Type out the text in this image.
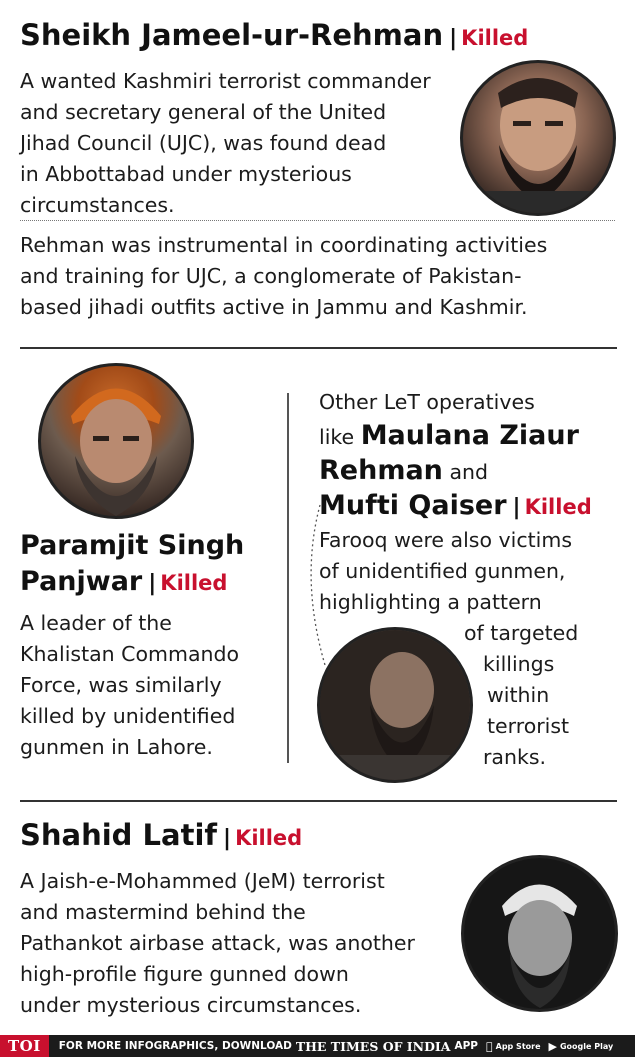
Sheikh Jameel-ur-Rehman | Killed
A wanted Kashmiri terrorist commander
and secretary general of the United
Jihad Council (UJC), was found dead
in Abbottabad under mysterious
circumstances.
Rehman was instrumental in coordinating activities
and training for UJC, a conglomerate of Pakistan-
based jihadi outfits active in Jammu and Kashmir.
Paramjit Singh
Panjwar | Killed
A leader of the
Khalistan Commando
Force, was similarly
killed by unidentified
gunmen in Lahore.
Other LeT operatives
like Maulana Ziaur
Rehman and
Mufti Qaiser | Killed
Farooq were also victims
of unidentified gunmen,
highlighting a pattern
of targeted
killings
within
terrorist
ranks.
Shahid Latif | Killed
A Jaish-e-Mohammed (JeM) terrorist
and mastermind behind the
Pathankot airbase attack, was another
high-profile figure gunned down
under mysterious circumstances.
TOI	FOR MORE INFOGRAPHICS, DOWNLOAD THE TIMES OF INDIA APP App Store ▶ Google Play
